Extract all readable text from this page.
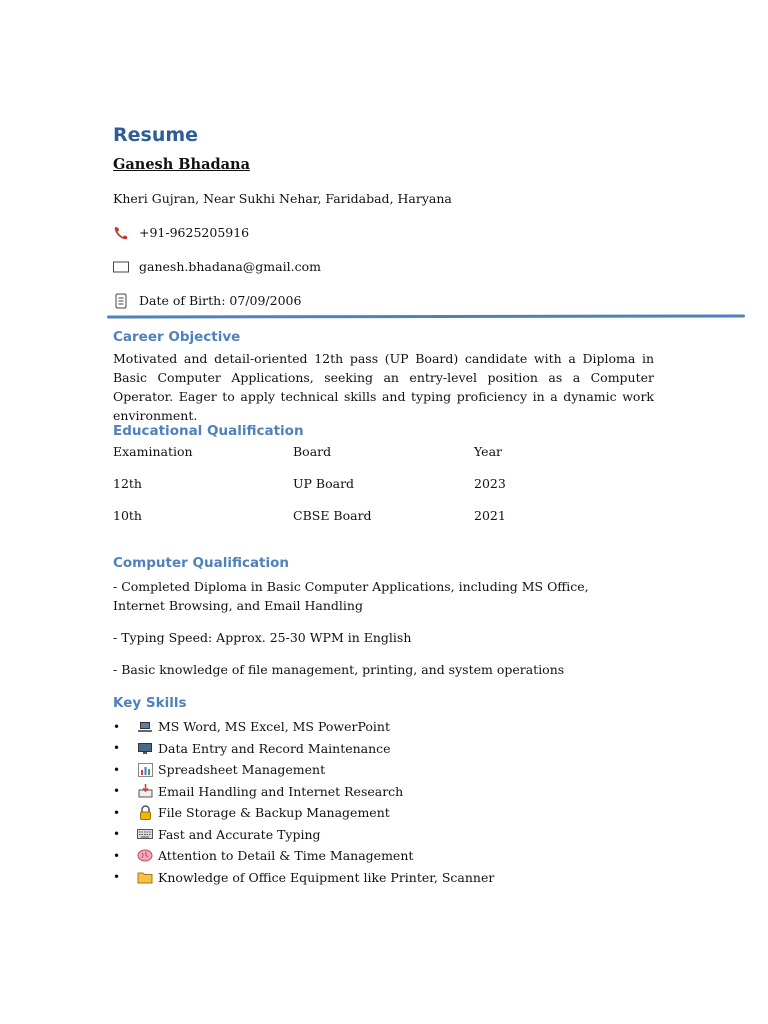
Resume
Ganesh Bhadana
Kheri Gujran, Near Sukhi Nehar, Faridabad, Haryana
+91-9625205916
ganesh.bhadana@gmail.com
Date of Birth: 07/09/2006
Career Objective
Motivated and detail-oriented 12th pass (UP Board) candidate with a Diploma in Basic Computer Applications, seeking an entry-level position as a Computer Operator. Eager to apply technical skills and typing proficiency in a dynamic work environment.
Educational Qualification
Examination	Board	Year
12th	UP Board	2023
10th	CBSE Board	2021
Computer Qualification
- Completed Diploma in Basic Computer Applications, including MS Office, Internet Browsing, and Email Handling
- Typing Speed: Approx. 25-30 WPM in English
- Basic knowledge of file management, printing, and system operations
Key Skills
•	MS Word, MS Excel, MS PowerPoint
•	Data Entry and Record Maintenance
•	Spreadsheet Management
•	Email Handling and Internet Research
•	File Storage & Backup Management
•	Fast and Accurate Typing
•	Attention to Detail & Time Management
•	Knowledge of Office Equipment like Printer, Scanner
